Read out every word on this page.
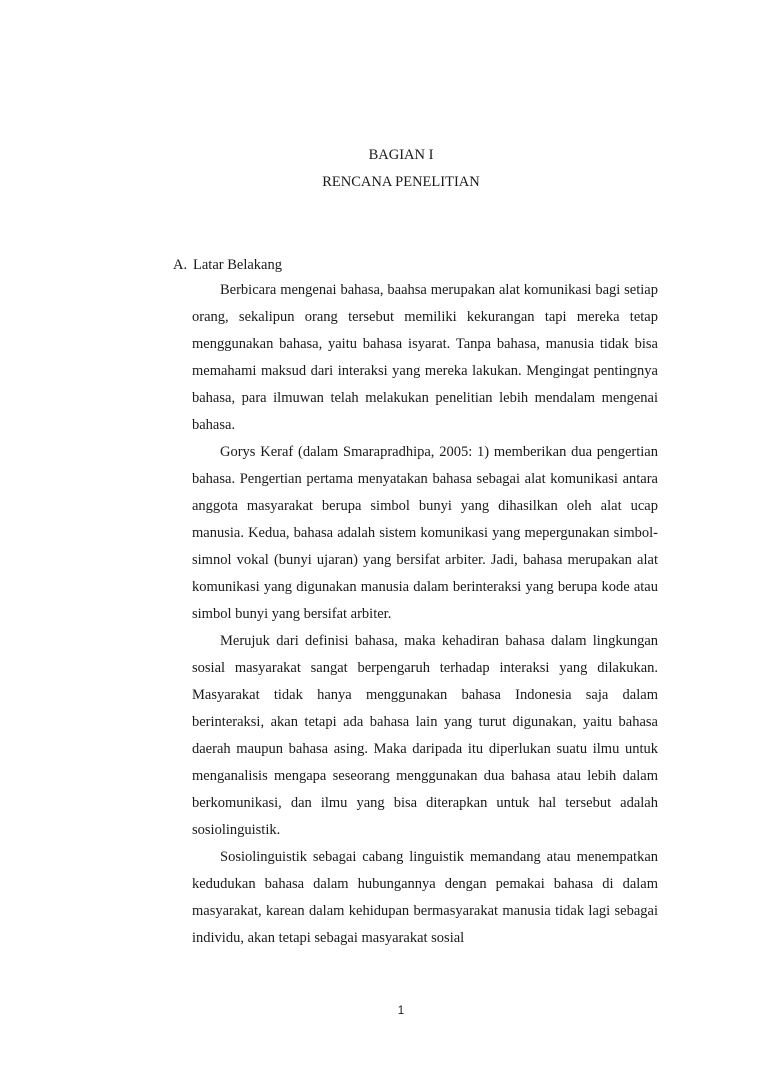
BAGIAN I
RENCANA PENELITIAN
A. Latar Belakang

Berbicara mengenai bahasa, baahsa merupakan alat komunikasi bagi setiap orang, sekalipun orang tersebut memiliki kekurangan tapi mereka tetap menggunakan bahasa, yaitu bahasa isyarat. Tanpa bahasa, manusia tidak bisa memahami maksud dari interaksi yang mereka lakukan. Mengingat pentingnya bahasa, para ilmuwan telah melakukan penelitian lebih mendalam mengenai bahasa.

Gorys Keraf (dalam Smarapradhipa, 2005: 1) memberikan dua pengertian bahasa. Pengertian pertama menyatakan bahasa sebagai alat komunikasi antara anggota masyarakat berupa simbol bunyi yang dihasilkan oleh alat ucap manusia. Kedua, bahasa adalah sistem komunikasi yang mepergunakan simbol-simnol vokal (bunyi ujaran) yang bersifat arbiter. Jadi, bahasa merupakan alat komunikasi yang digunakan manusia dalam berinteraksi yang berupa kode atau simbol bunyi yang bersifat arbiter.

Merujuk dari definisi bahasa, maka kehadiran bahasa dalam lingkungan sosial masyarakat sangat berpengaruh terhadap interaksi yang dilakukan. Masyarakat tidak hanya menggunakan bahasa Indonesia saja dalam berinteraksi, akan tetapi ada bahasa lain yang turut digunakan, yaitu bahasa daerah maupun bahasa asing. Maka daripada itu diperlukan suatu ilmu untuk menganalisis mengapa seseorang menggunakan dua bahasa atau lebih dalam berkomunikasi, dan ilmu yang bisa diterapkan untuk hal tersebut adalah sosiolinguistik.

Sosiolinguistik sebagai cabang linguistik memandang atau menempatkan kedudukan bahasa dalam hubungannya dengan pemakai bahasa di dalam masyarakat, karean dalam kehidupan bermasyarakat manusia tidak lagi sebagai individu, akan tetapi sebagai masyarakat sosial

1
